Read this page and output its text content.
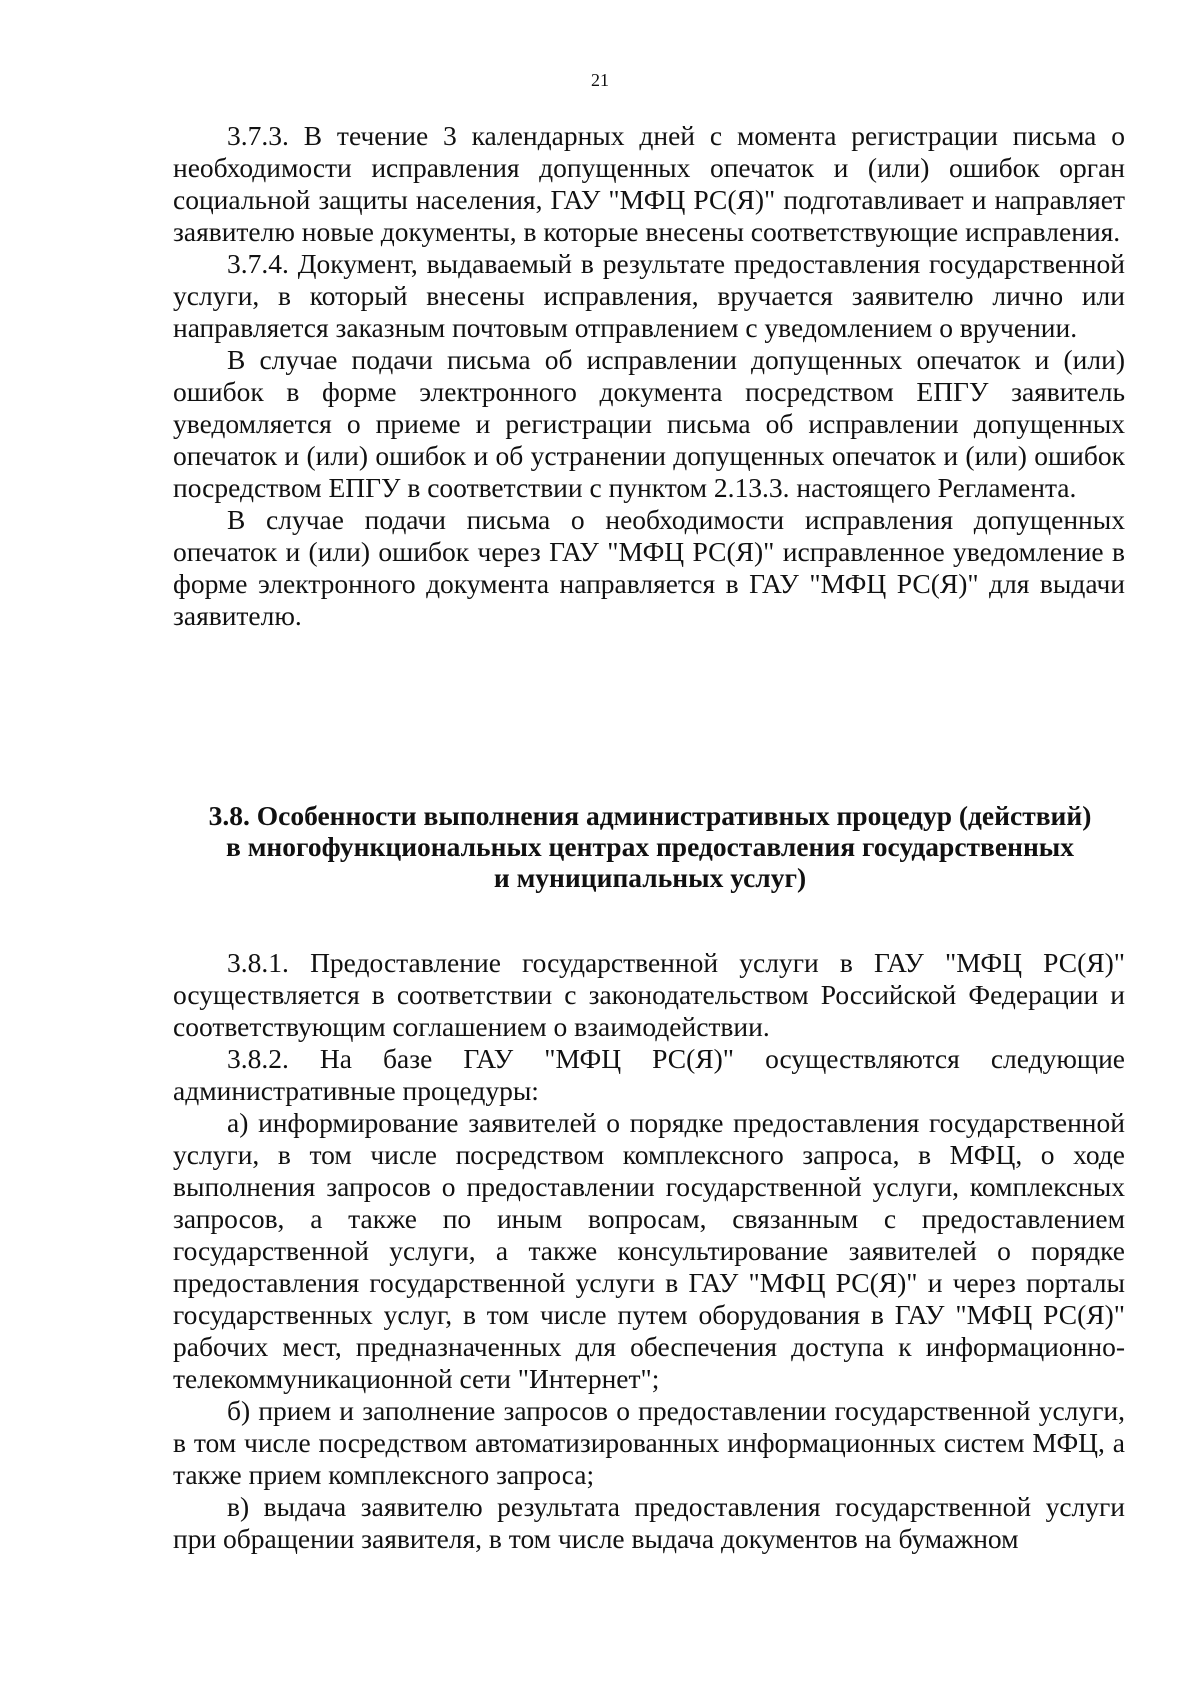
21

3.7.3. В течение 3 календарных дней с момента регистрации письма о необходимости исправления допущенных опечаток и (или) ошибок орган социальной защиты населения, ГАУ "МФЦ РС(Я)" подготавливает и направляет заявителю новые документы, в которые внесены соответствующие исправления.

3.7.4. Документ, выдаваемый в результате предоставления государственной услуги, в который внесены исправления, вручается заявителю лично или направляется заказным почтовым отправлением с уведомлением о вручении.

В случае подачи письма об исправлении допущенных опечаток и (или) ошибок в форме электронного документа посредством ЕПГУ заявитель уведомляется о приеме и регистрации письма об исправлении допущенных опечаток и (или) ошибок и об устранении допущенных опечаток и (или) ошибок посредством ЕПГУ в соответствии с пунктом 2.13.3. настоящего Регламента.

В случае подачи письма о необходимости исправления допущенных опечаток и (или) ошибок через ГАУ "МФЦ РС(Я)" исправленное уведомление в форме электронного документа направляется в ГАУ "МФЦ РС(Я)" для выдачи заявителю.

3.8. Особенности выполнения административных процедур (действий)
в многофункциональных центрах предоставления государственных
и муниципальных услуг)

3.8.1. Предоставление государственной услуги в ГАУ "МФЦ РС(Я)" осуществляется в соответствии с законодательством Российской Федерации и соответствующим соглашением о взаимодействии.

3.8.2. На базе ГАУ "МФЦ РС(Я)" осуществляются следующие административные процедуры:

а) информирование заявителей о порядке предоставления государственной услуги, в том числе посредством комплексного запроса, в МФЦ, о ходе выполнения запросов о предоставлении государственной услуги, комплексных запросов, а также по иным вопросам, связанным с предоставлением государственной услуги, а также консультирование заявителей о порядке предоставления государственной услуги в ГАУ "МФЦ РС(Я)" и через порталы государственных услуг, в том числе путем оборудования в ГАУ "МФЦ РС(Я)" рабочих мест, предназначенных для обеспечения доступа к информационно-телекоммуникационной сети "Интернет";

б) прием и заполнение запросов о предоставлении государственной услуги, в том числе посредством автоматизированных информационных систем МФЦ, а также прием комплексного запроса;

в) выдача заявителю результата предоставления государственной услуги при обращении заявителя, в том числе выдача документов на бумажном
